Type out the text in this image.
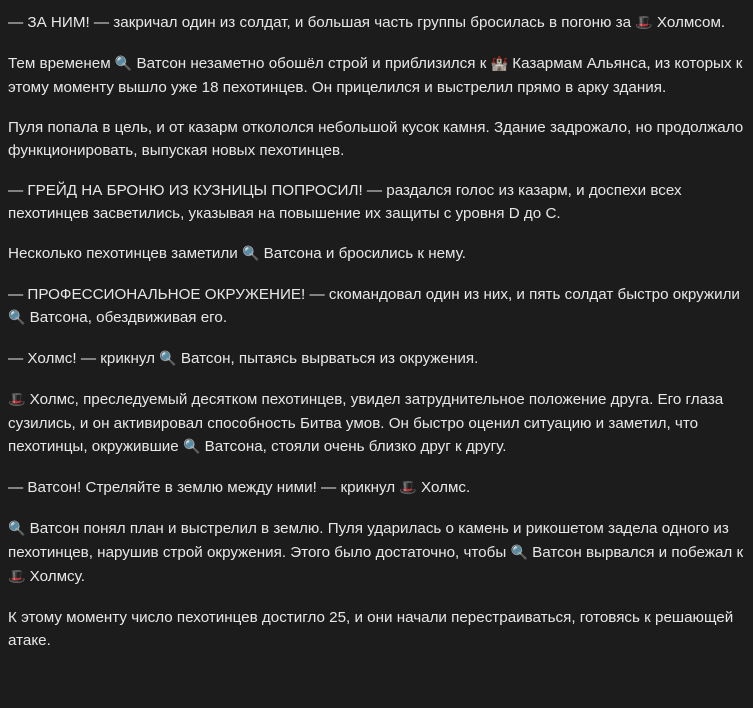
— ЗА НИМ! — закричал один из солдат, и большая часть группы бросилась в погоню за 🎩 Холмсом.

Тем временем 🔍 Ватсон незаметно обошёл строй и приблизился к 🏰 Казармам Альянса, из которых к этому моменту вышло уже 18 пехотинцев. Он прицелился и выстрелил прямо в арку здания.

Пуля попала в цель, и от казарм откололся небольшой кусок камня. Здание задрожало, но продолжало функционировать, выпуская новых пехотинцев.

— ГРЕЙД НА БРОНЮ ИЗ КУЗНИЦЫ ПОПРОСИЛ! — раздался голос из казарм, и доспехи всех пехотинцев засветились, указывая на повышение их защиты с уровня D до C.

Несколько пехотинцев заметили 🔍 Ватсона и бросились к нему.

— ПРОФЕССИОНАЛЬНОЕ ОКРУЖЕНИЕ! — скомандовал один из них, и пять солдат быстро окружили 🔍 Ватсона, обездвиживая его.

— Холмс! — крикнул 🔍 Ватсон, пытаясь вырваться из окружения.

🎩 Холмс, преследуемый десятком пехотинцев, увидел затруднительное положение друга. Его глаза сузились, и он активировал способность Битва умов. Он быстро оценил ситуацию и заметил, что пехотинцы, окружившие 🔍 Ватсона, стояли очень близко друг к другу.

— Ватсон! Стреляйте в землю между ними! — крикнул 🎩 Холмс.

🔍 Ватсон понял план и выстрелил в землю. Пуля ударилась о камень и рикошетом задела одного из пехотинцев, нарушив строй окружения. Этого было достаточно, чтобы 🔍 Ватсон вырвался и побежал к 🎩 Холмсу.

К этому моменту число пехотинцев достигло 25, и они начали перестраиваться, готовясь к решающей атаке.
